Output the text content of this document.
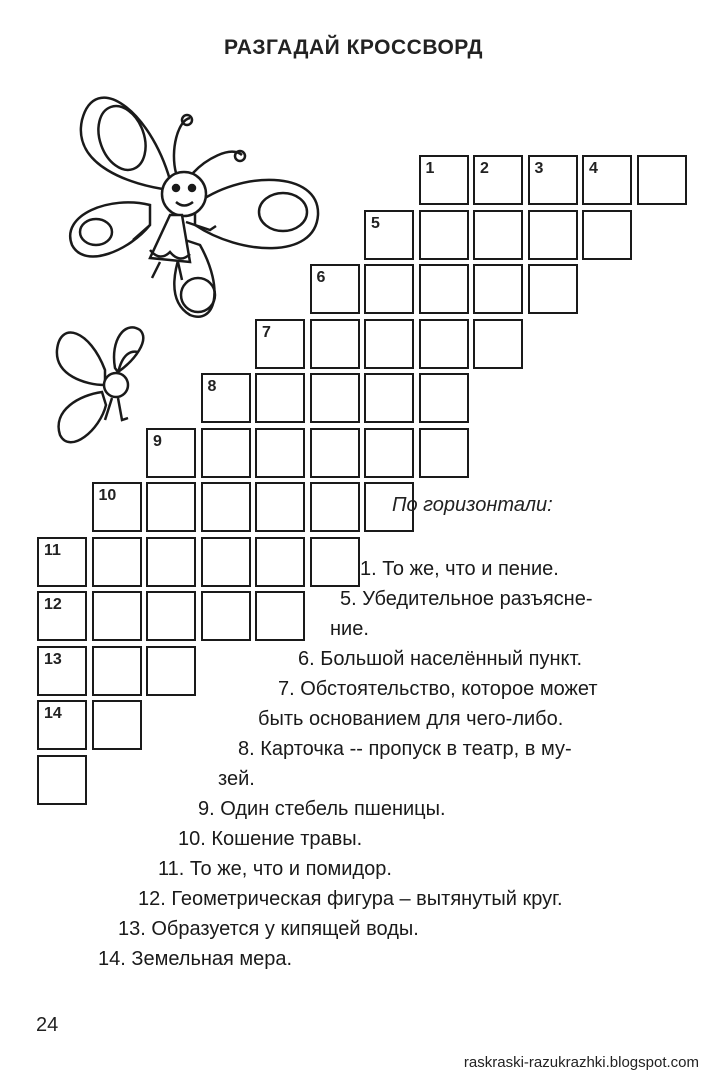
РАЗГАДАЙ КРОССВОРД
1	2	3	4
5
6
7
8
9
10
11
12
13
14
По горизонтали:
1. То же, что и пение.
5. Убедительное разъясне-
ние.
6. Большой населённый пункт.
7. Обстоятельство, которое может
быть основанием для чего-либо.
8. Карточка -- пропуск в театр, в му-
зей.
9. Один стебель пшеницы.
10. Кошение травы.
11. То же, что и помидор.
12. Геометрическая фигура – вытянутый круг.
13. Образуется у кипящей воды.
14. Земельная мера.
24
raskraski-razukrazhki.blogspot.com
